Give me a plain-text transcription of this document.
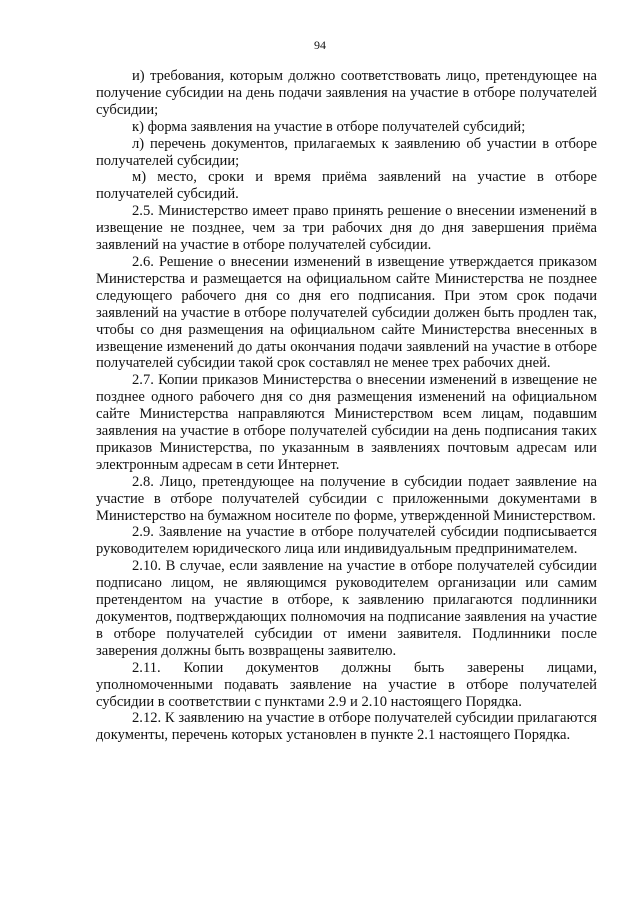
94

и) требования, которым должно соответствовать лицо, претендующее на получение субсидии на день подачи заявления на участие в отборе получателей субсидии;

к) форма заявления на участие в отборе получателей субсидий;

л) перечень документов, прилагаемых к заявлению об участии в отборе получателей субсидии;

м) место, сроки и время приёма заявлений на участие в отборе получателей субсидий.

2.5. Министерство имеет право принять решение о внесении изменений в извещение не позднее, чем за три рабочих дня до дня завершения приёма заявлений на участие в отборе получателей субсидии.

2.6. Решение о внесении изменений в извещение утверждается приказом Министерства и размещается на официальном сайте Министерства не позднее следующего рабочего дня со дня его подписания. При этом срок подачи заявлений на участие в отборе получателей субсидии должен быть продлен так, чтобы со дня размещения на официальном сайте Министерства внесенных в извещение изменений до даты окончания подачи заявлений на участие в отборе получателей субсидии такой срок составлял не менее трех рабочих дней.

2.7. Копии приказов Министерства о внесении изменений в извещение не позднее одного рабочего дня со дня размещения изменений на официальном сайте Министерства направляются Министерством всем лицам, подавшим заявления на участие в отборе получателей субсидии на день подписания таких приказов Министерства, по указанным в заявлениях почтовым адресам или электронным адресам в сети Интернет.

2.8. Лицо, претендующее на получение в субсидии подает заявление на участие в отборе получателей субсидии с приложенными документами в Министерство на бумажном носителе по форме, утвержденной Министерством.

2.9. Заявление на участие в отборе получателей субсидии подписывается руководителем юридического лица или индивидуальным предпринимателем.

2.10. В случае, если заявление на участие в отборе получателей субсидии подписано лицом, не являющимся руководителем организации или самим претендентом на участие в отборе, к заявлению прилагаются подлинники документов, подтверждающих полномочия на подписание заявления на участие в отборе получателей субсидии от имени заявителя. Подлинники после заверения должны быть возвращены заявителю.

2.11. Копии документов должны быть заверены лицами, уполномоченными подавать заявление на участие в отборе получателей субсидии в соответствии с пунктами 2.9 и 2.10 настоящего Порядка.

2.12. К заявлению на участие в отборе получателей субсидии прилагаются документы, перечень которых установлен в пункте 2.1 настоящего Порядка.
